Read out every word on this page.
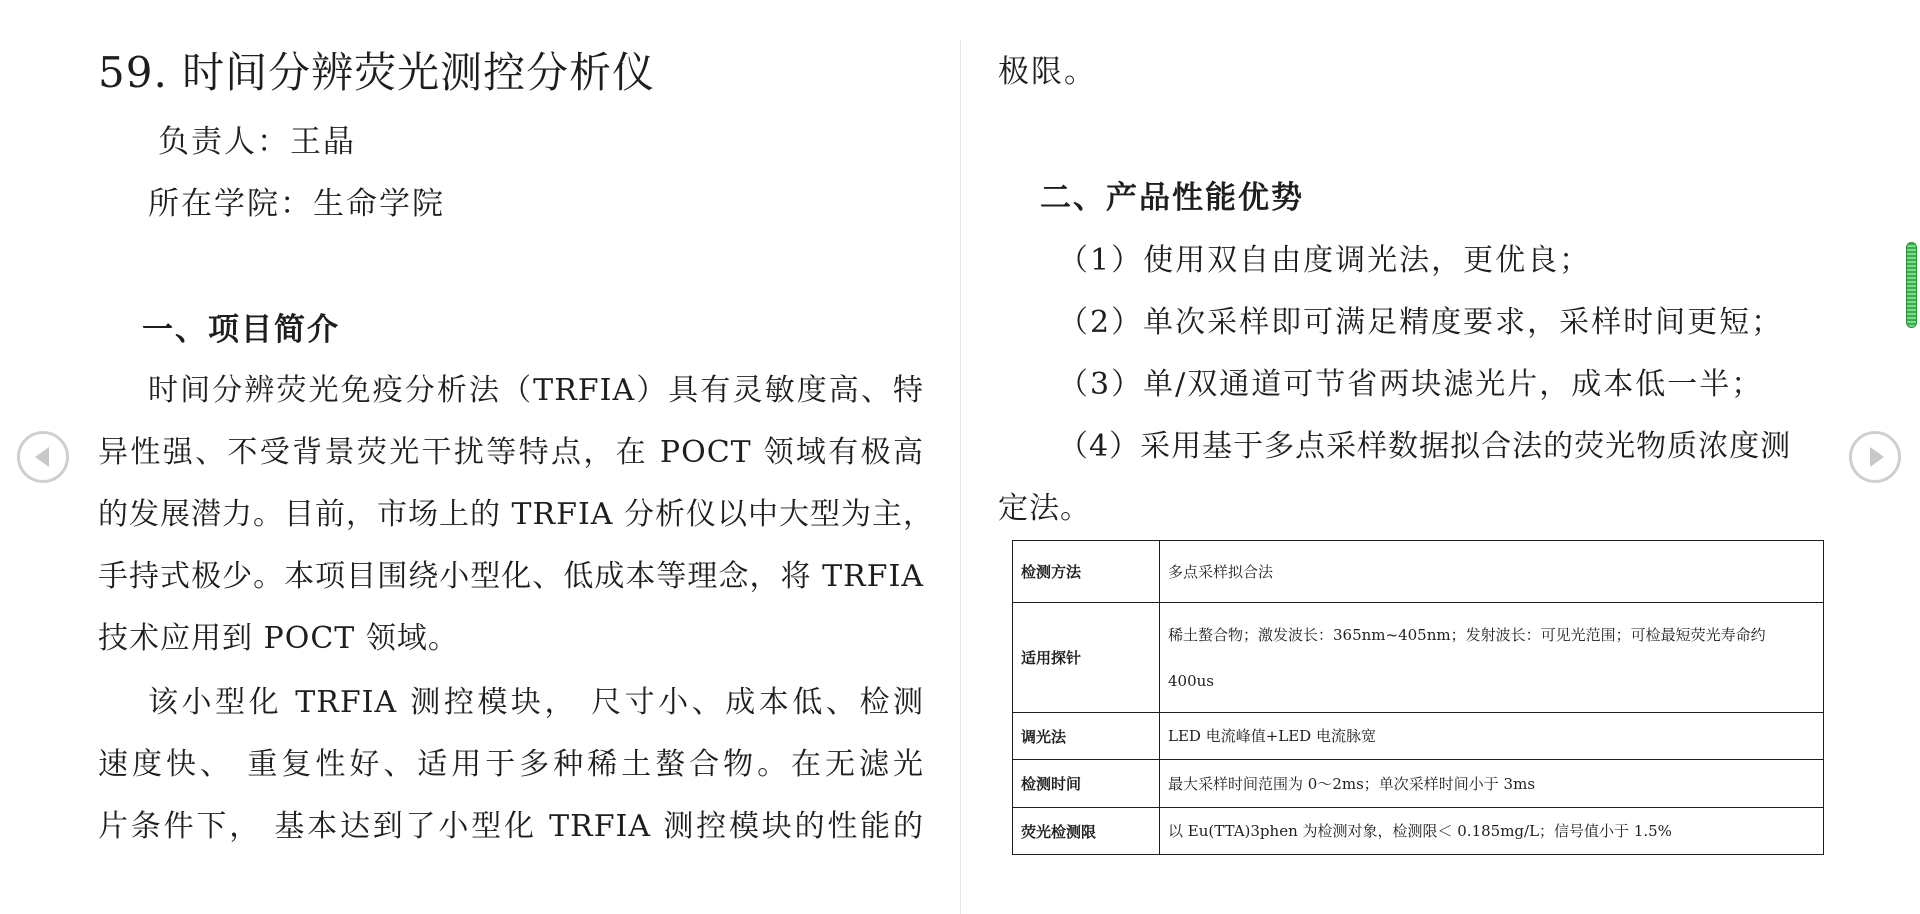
59. 时间分辨荧光测控分析仪
负责人：王晶
所在学院：生命学院
一、项目简介
时间分辨荧光免疫分析法（TRFIA）具有灵敏度高、特
异性强、不受背景荧光干扰等特点，在 POCT 领域有极高
的发展潜力。目前，市场上的 TRFIA 分析仪以中大型为主，
手持式极少。本项目围绕小型化、低成本等理念，将 TRFIA
技术应用到 POCT 领域。
该小型化 TRFIA 测控模块， 尺寸小、成本低、检测
速度快、 重复性好、适用于多种稀土螯合物。在无滤光
片条件下， 基本达到了小型化 TRFIA 测控模块的性能的
极限。
二、产品性能优势
（1）使用双自由度调光法，更优良；
（2）单次采样即可满足精度要求，采样时间更短；
（3）单/双通道可节省两块滤光片，成本低一半；
（4）采用基于多点采样数据拟合法的荧光物质浓度测
定法。
检测方法	多点采样拟合法
适用探针	稀土螯合物；激发波长：365nm~405nm；发射波长：可见光范围；可检最短荧光寿命约
400us

调光法	LED 电流峰值+LED 电流脉宽
检测时间	最大采样时间范围为 0～2ms；单次采样时间小于 3ms
荧光检测限	以 Eu(TTA)3phen 为检测对象，检测限＜ 0.185mg/L；信号值小于 1.5%
